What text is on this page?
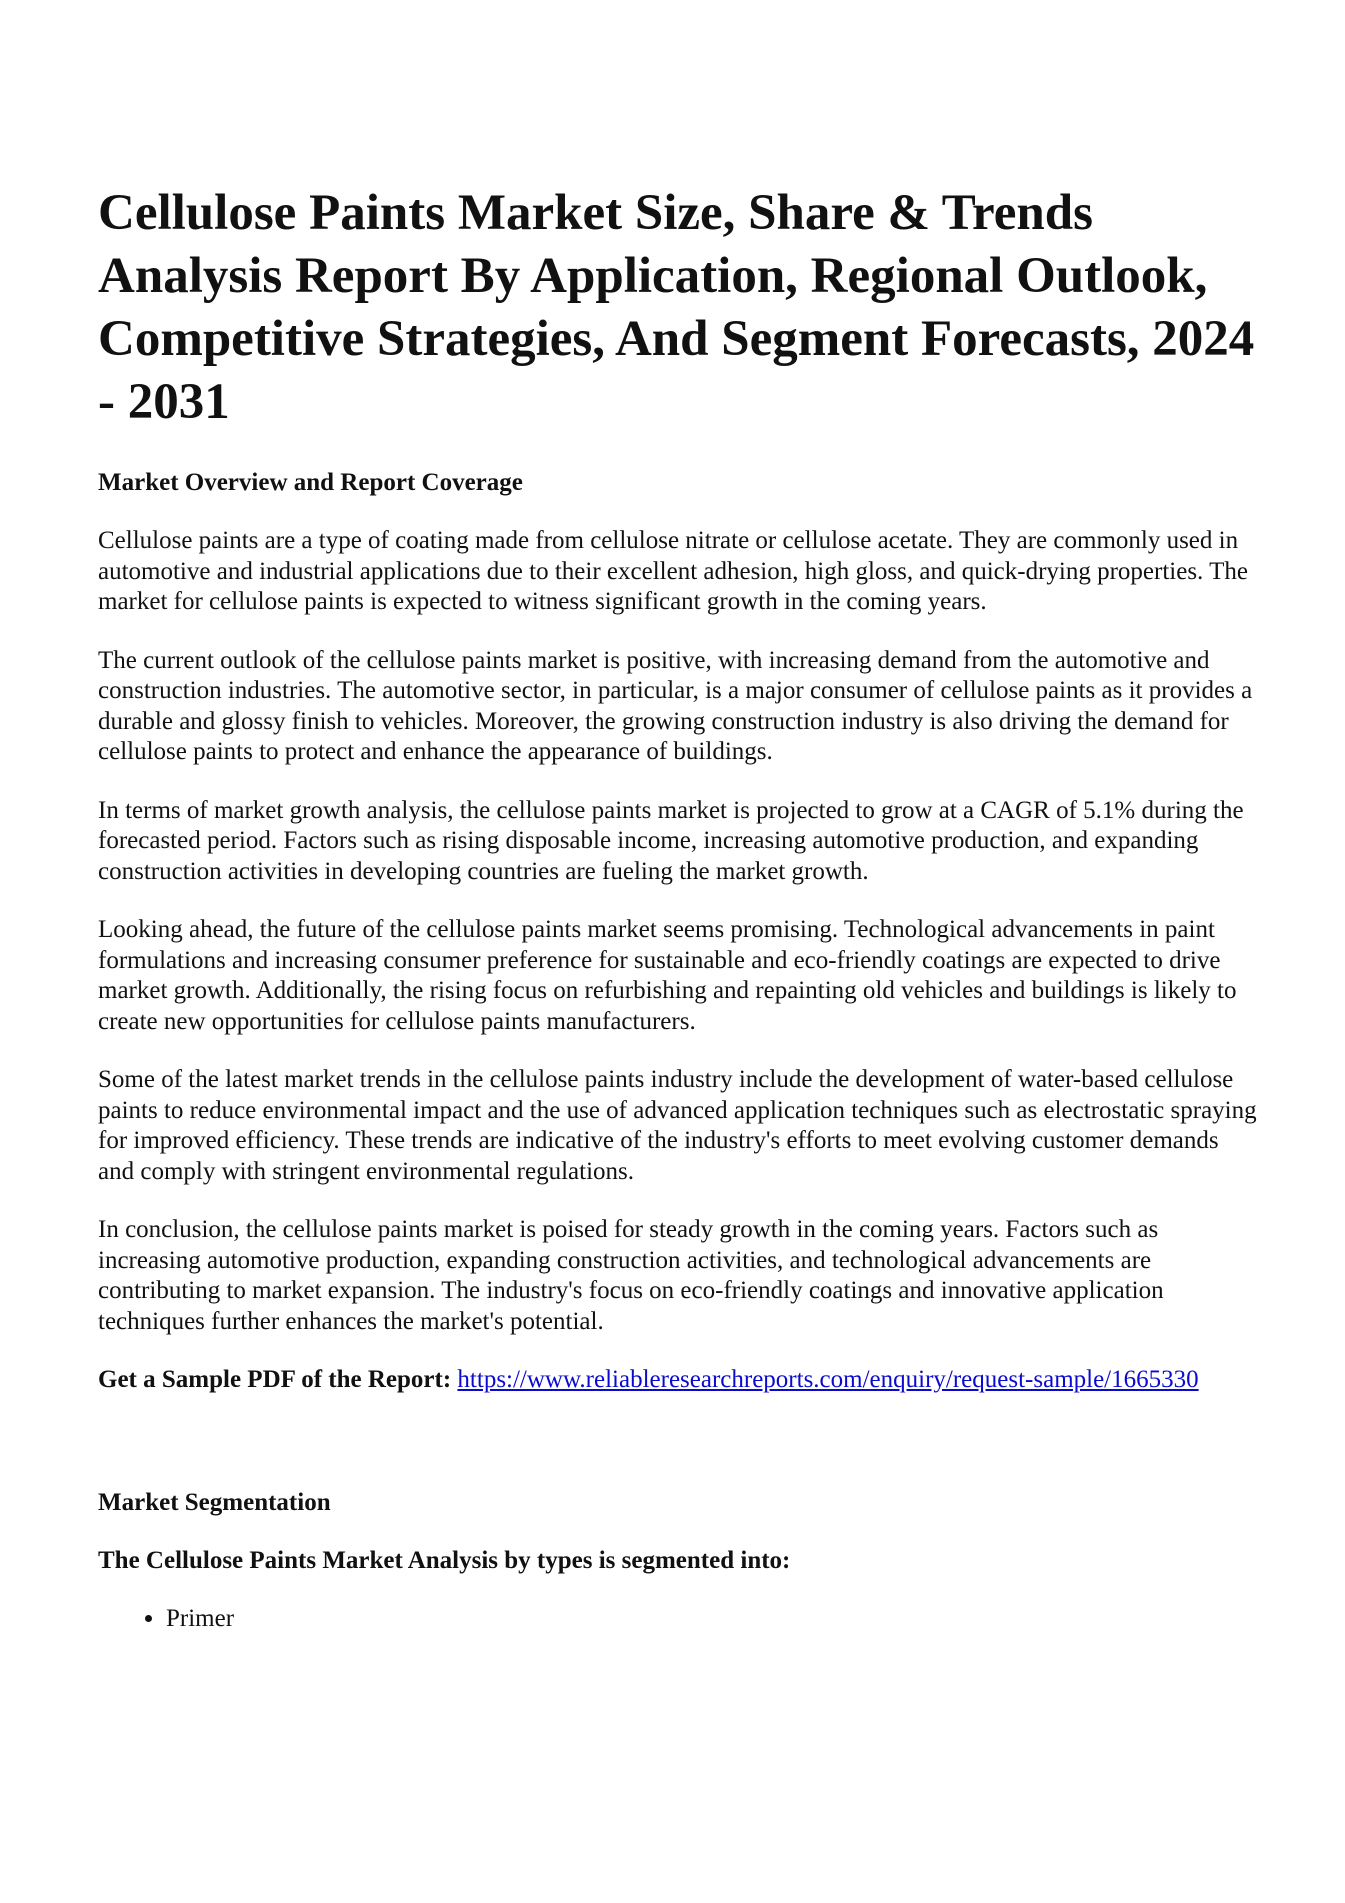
Cellulose Paints Market Size, Share & Trends Analysis Report By Application, Regional Outlook, Competitive Strategies, And Segment Forecasts, 2024 - 2031
Market Overview and Report Coverage

Cellulose paints are a type of coating made from cellulose nitrate or cellulose acetate. They are commonly used in automotive and industrial applications due to their excellent adhesion, high gloss, and quick-drying properties. The market for cellulose paints is expected to witness significant growth in the coming years.

The current outlook of the cellulose paints market is positive, with increasing demand from the automotive and construction industries. The automotive sector, in particular, is a major consumer of cellulose paints as it provides a durable and glossy finish to vehicles. Moreover, the growing construction industry is also driving the demand for cellulose paints to protect and enhance the appearance of buildings.

In terms of market growth analysis, the cellulose paints market is projected to grow at a CAGR of 5.1% during the forecasted period. Factors such as rising disposable income, increasing automotive production, and expanding construction activities in developing countries are fueling the market growth.

Looking ahead, the future of the cellulose paints market seems promising. Technological advancements in paint formulations and increasing consumer preference for sustainable and eco-friendly coatings are expected to drive market growth. Additionally, the rising focus on refurbishing and repainting old vehicles and buildings is likely to create new opportunities for cellulose paints manufacturers.

Some of the latest market trends in the cellulose paints industry include the development of water-based cellulose paints to reduce environmental impact and the use of advanced application techniques such as electrostatic spraying for improved efficiency. These trends are indicative of the industry's efforts to meet evolving customer demands and comply with stringent environmental regulations.

In conclusion, the cellulose paints market is poised for steady growth in the coming years. Factors such as increasing automotive production, expanding construction activities, and technological advancements are contributing to market expansion. The industry's focus on eco-friendly coatings and innovative application techniques further enhances the market's potential.

Get a Sample PDF of the Report: https://www.reliableresearchreports.com/enquiry/request-sample/1665330

Market Segmentation
The Cellulose Paints Market Analysis by types is segmented into:
• Primer
